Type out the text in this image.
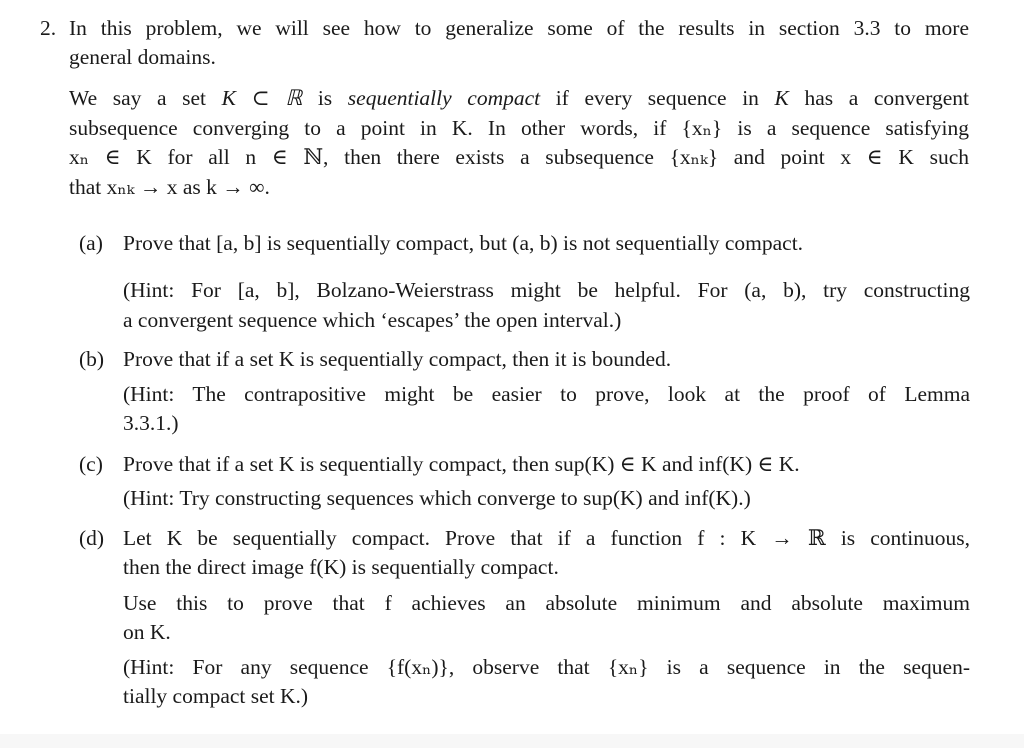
2. In this problem, we will see how to generalize some of the results in section 3.3 to more
general domains.
We say a set K ⊂ ℝ is sequentially compact if every sequence in K has a convergent
subsequence converging to a point in K. In other words, if {xₙ} is a sequence satisfying
xₙ ∈ K for all n ∈ ℕ, then there exists a subsequence {xₙₖ} and point x ∈ K such
that xₙₖ → x as k → ∞.
(a) Prove that [a, b] is sequentially compact, but (a, b) is not sequentially compact.
(Hint: For [a, b], Bolzano-Weierstrass might be helpful. For (a, b), try constructing
a convergent sequence which ‘escapes’ the open interval.)
(b) Prove that if a set K is sequentially compact, then it is bounded.
(Hint: The contrapositive might be easier to prove, look at the proof of Lemma
3.3.1.)
(c) Prove that if a set K is sequentially compact, then sup(K) ∈ K and inf(K) ∈ K.
(Hint: Try constructing sequences which converge to sup(K) and inf(K).)
(d) Let K be sequentially compact. Prove that if a function f : K → ℝ is continuous,
then the direct image f(K) is sequentially compact.
Use this to prove that f achieves an absolute minimum and absolute maximum
on K.
(Hint: For any sequence {f(xₙ)}, observe that {xₙ} is a sequence in the sequen-
tially compact set K.)
